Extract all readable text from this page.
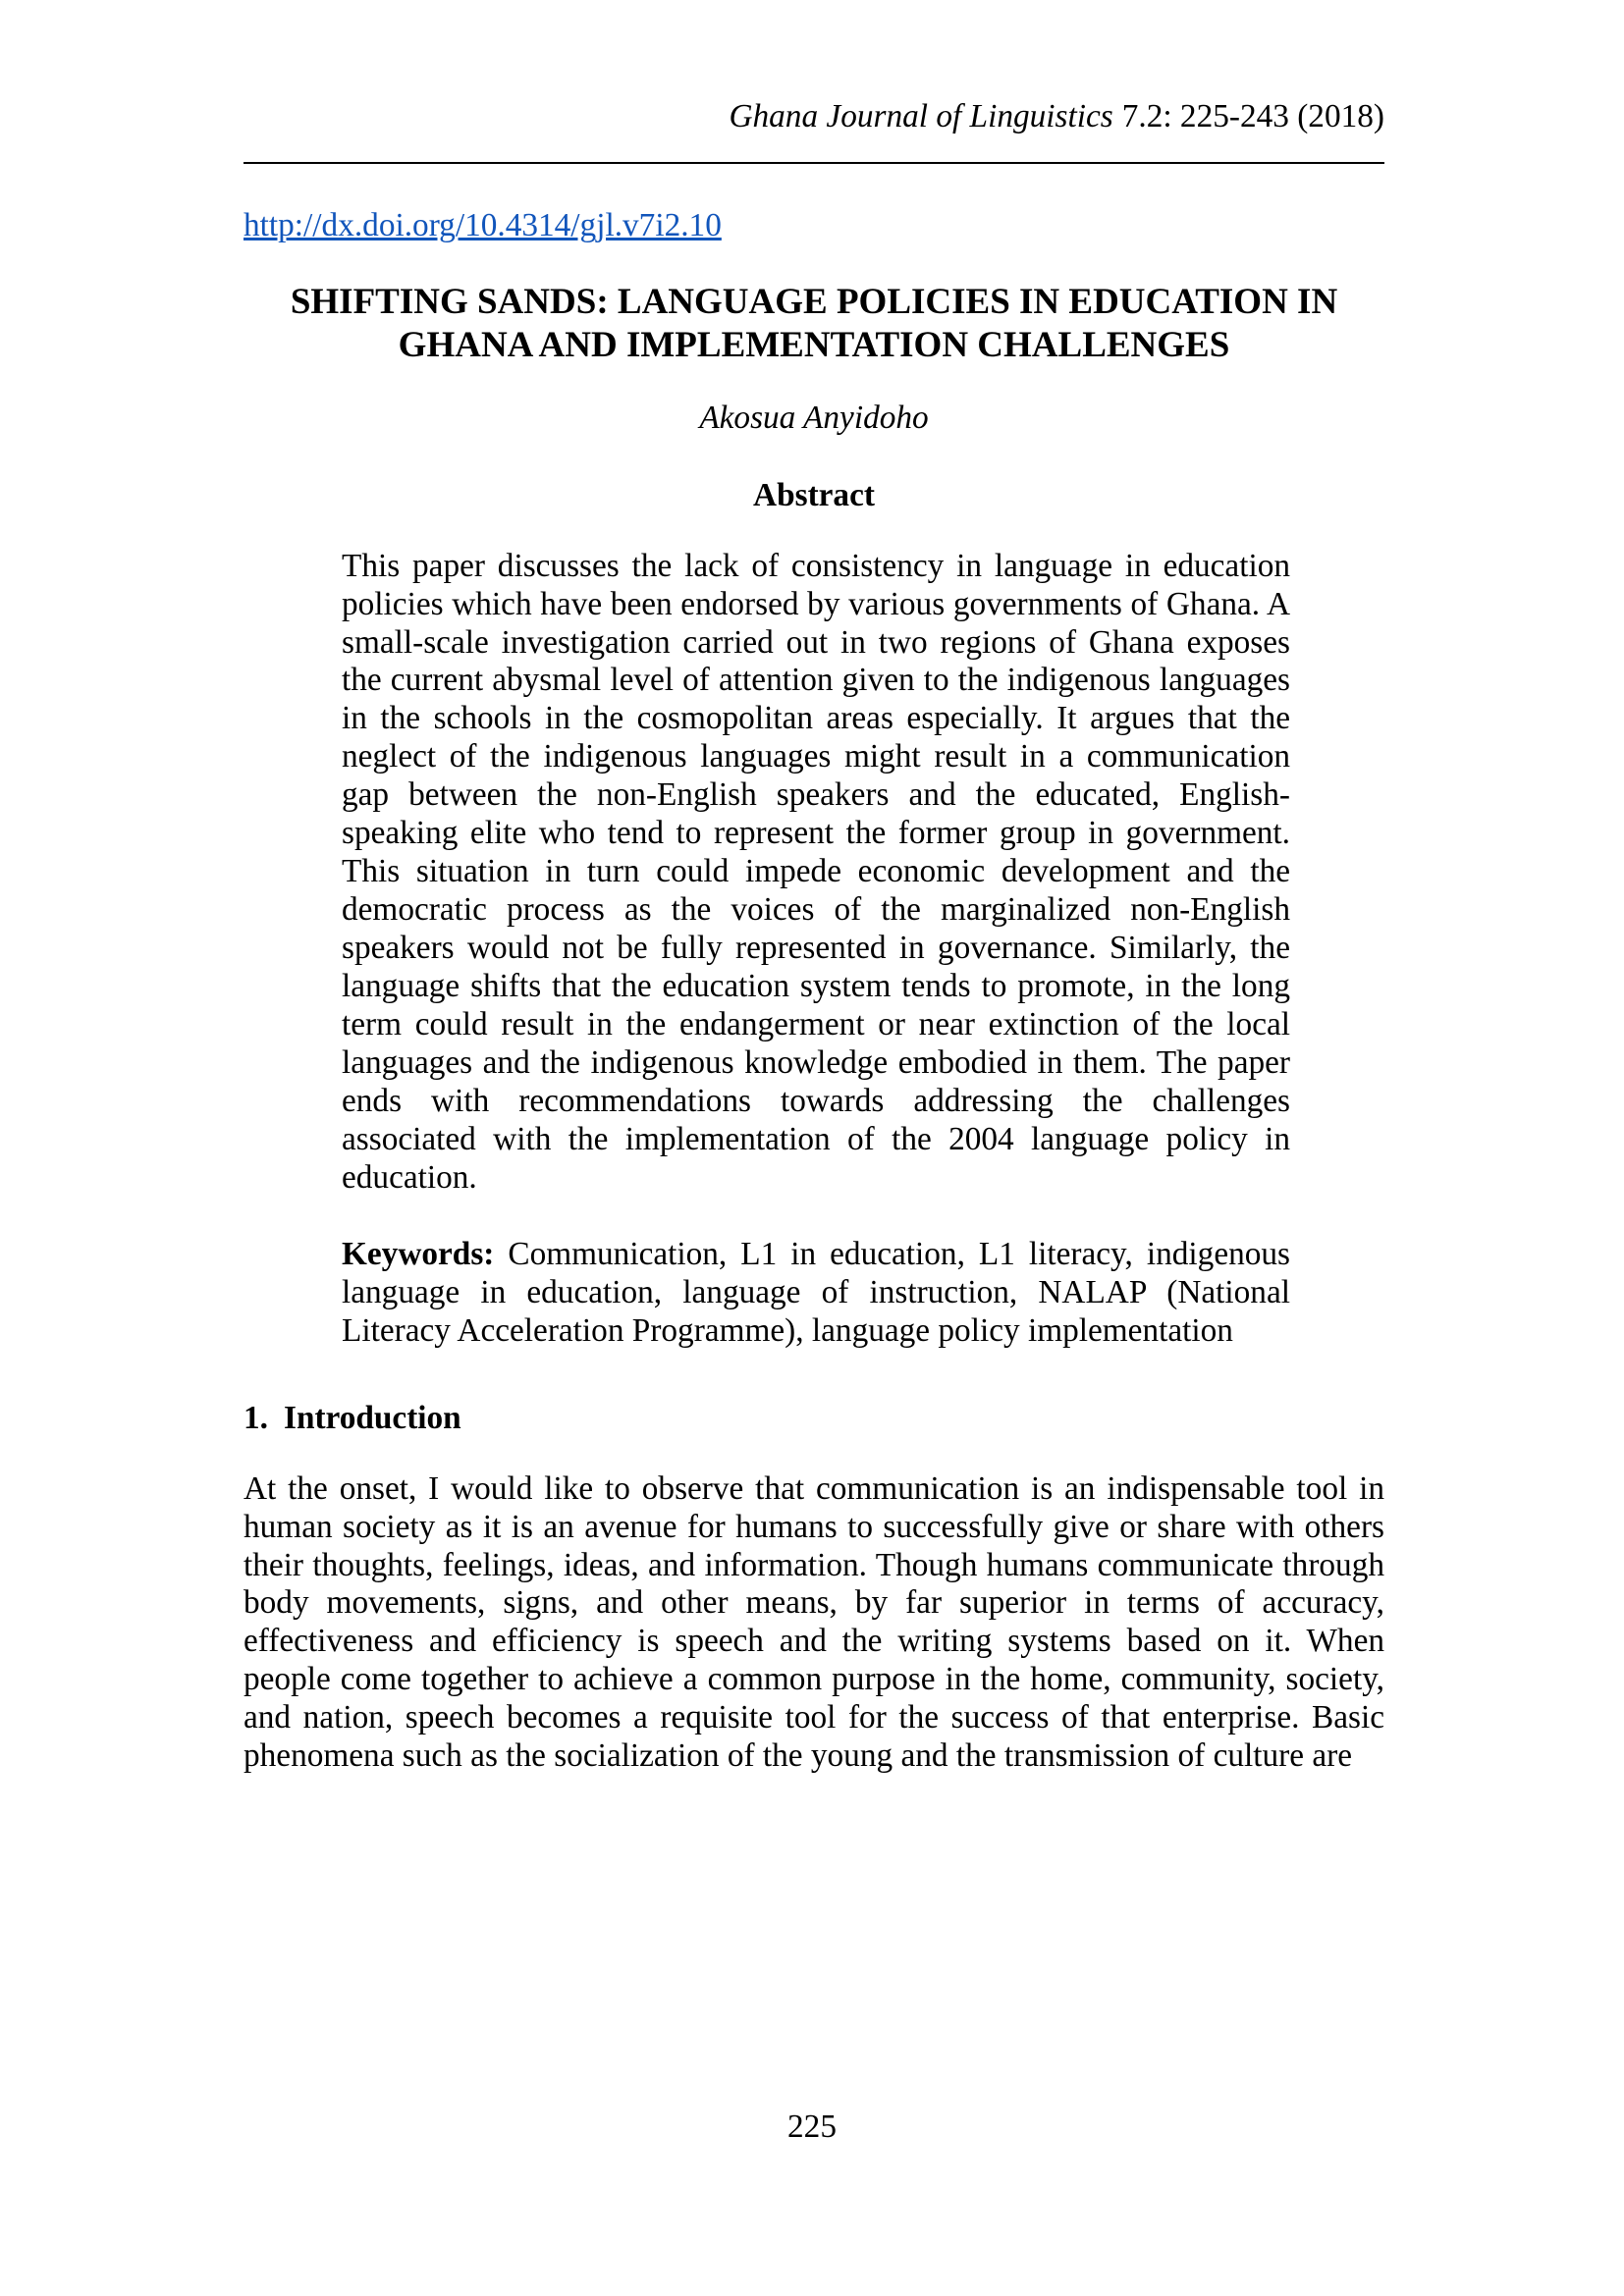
Ghana Journal of Linguistics 7.2: 225-243 (2018)
http://dx.doi.org/10.4314/gjl.v7i2.10
SHIFTING SANDS: LANGUAGE POLICIES IN EDUCATION IN
GHANA AND IMPLEMENTATION CHALLENGES
Akosua Anyidoho
Abstract
This paper discusses the lack of consistency in language in education policies which have been endorsed by various governments of Ghana. A small-scale investigation carried out in two regions of Ghana exposes the current abysmal level of attention given to the indigenous languages in the schools in the cosmopolitan areas especially. It argues that the neglect of the indigenous languages might result in a communication gap between the non-English speakers and the educated, English-speaking elite who tend to represent the former group in government. This situation in turn could impede economic development and the democratic process as the voices of the marginalized non-English speakers would not be fully represented in governance. Similarly, the language shifts that the education system tends to promote, in the long term could result in the endangerment or near extinction of the local languages and the indigenous knowledge embodied in them. The paper ends with recommendations towards addressing the challenges associated with the implementation of the 2004 language policy in education.
Keywords: Communication, L1 in education, L1 literacy, indigenous language in education, language of instruction, NALAP (National Literacy Acceleration Programme), language policy implementation
1. Introduction
At the onset, I would like to observe that communication is an indispensable tool in human society as it is an avenue for humans to successfully give or share with others their thoughts, feelings, ideas, and information. Though humans communicate through body movements, signs, and other means, by far superior in terms of accuracy, effectiveness and efficiency is speech and the writing systems based on it. When people come together to achieve a common purpose in the home, community, society, and nation, speech becomes a requisite tool for the success of that enterprise. Basic phenomena such as the socialization of the young and the transmission of culture are
225
